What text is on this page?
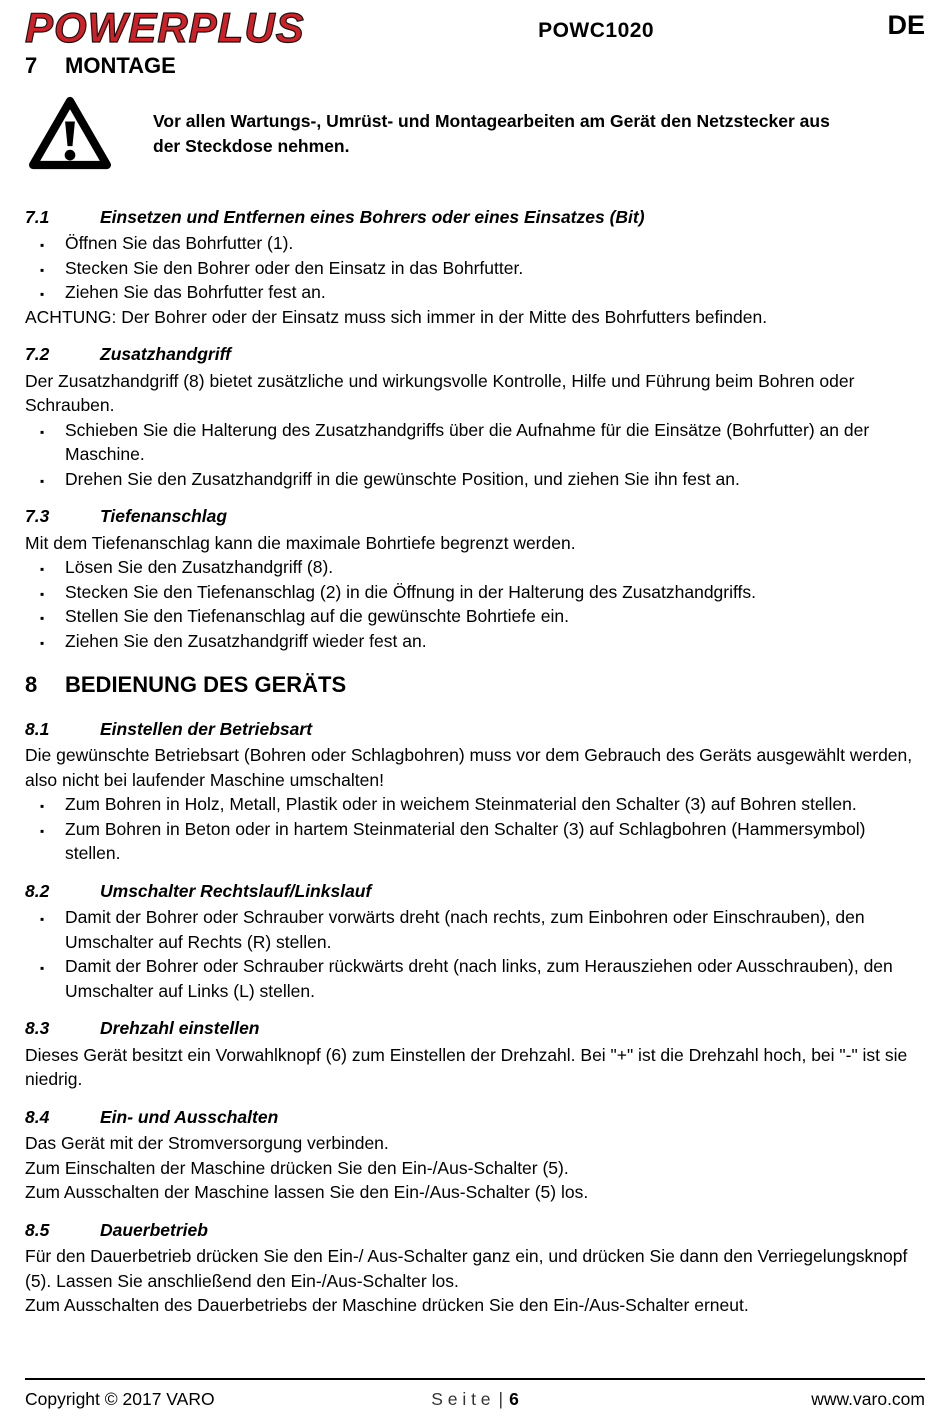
POWERPLUS	POWC1020	DE
7 MONTAGE
Vor allen Wartungs-, Umrüst- und Montagearbeiten am Gerät den Netzstecker aus der Steckdose nehmen.
7.1	Einsetzen und Entfernen eines Bohrers oder eines Einsatzes (Bit)
▪
Öffnen Sie das Bohrfutter (1).
▪
Stecken Sie den Bohrer oder den Einsatz in das Bohrfutter.
▪
Ziehen Sie das Bohrfutter fest an.

ACHTUNG: Der Bohrer oder der Einsatz muss sich immer in der Mitte des Bohrfutters befinden.

7.2	Zusatzhandgriff

Der Zusatzhandgriff (8) bietet zusätzliche und wirkungsvolle Kontrolle, Hilfe und Führung beim Bohren oder Schrauben.

▪
Schieben Sie die Halterung des Zusatzhandgriffs über die Aufnahme für die Einsätze (Bohrfutter) an der Maschine.
▪
Drehen Sie den Zusatzhandgriff in die gewünschte Position, und ziehen Sie ihn fest an.
7.3	Tiefenanschlag

Mit dem Tiefenanschlag kann die maximale Bohrtiefe begrenzt werden.

▪
Lösen Sie den Zusatzhandgriff (8).
▪
Stecken Sie den Tiefenanschlag (2) in die Öffnung in der Halterung des Zusatzhandgriffs.
▪
Stellen Sie den Tiefenanschlag auf die gewünschte Bohrtiefe ein.
▪
Ziehen Sie den Zusatzhandgriff wieder fest an.
8 BEDIENUNG DES GERÄTS
8.1	Einstellen der Betriebsart

Die gewünschte Betriebsart (Bohren oder Schlagbohren) muss vor dem Gebrauch des Geräts ausgewählt werden, also nicht bei laufender Maschine umschalten!

▪
Zum Bohren in Holz, Metall, Plastik oder in weichem Steinmaterial den Schalter (3) auf Bohren stellen.
▪
Zum Bohren in Beton oder in hartem Steinmaterial den Schalter (3) auf Schlagbohren (Hammersymbol) stellen.
8.2	Umschalter Rechtslauf/Linkslauf
▪
Damit der Bohrer oder Schrauber vorwärts dreht (nach rechts, zum Einbohren oder Einschrauben), den Umschalter auf Rechts (R) stellen.
▪
Damit der Bohrer oder Schrauber rückwärts dreht (nach links, zum Herausziehen oder Ausschrauben), den Umschalter auf Links (L) stellen.
8.3	Drehzahl einstellen

Dieses Gerät besitzt ein Vorwahlknopf (6) zum Einstellen der Drehzahl. Bei "+" ist die Drehzahl hoch, bei "-" ist sie niedrig.

8.4	Ein- und Ausschalten

Das Gerät mit der Stromversorgung verbinden.

Zum Einschalten der Maschine drücken Sie den Ein-/Aus-Schalter (5).

Zum Ausschalten der Maschine lassen Sie den Ein-/Aus-Schalter (5) los.

8.5	Dauerbetrieb

Für den Dauerbetrieb drücken Sie den Ein-/ Aus-Schalter ganz ein, und drücken Sie dann den Verriegelungsknopf (5). Lassen Sie anschließend den Ein-/Aus-Schalter los.

Zum Ausschalten des Dauerbetriebs der Maschine drücken Sie den Ein-/Aus-Schalter erneut.

Copyright © 2017 VARO	S e i t e | 6	www.varo.com
